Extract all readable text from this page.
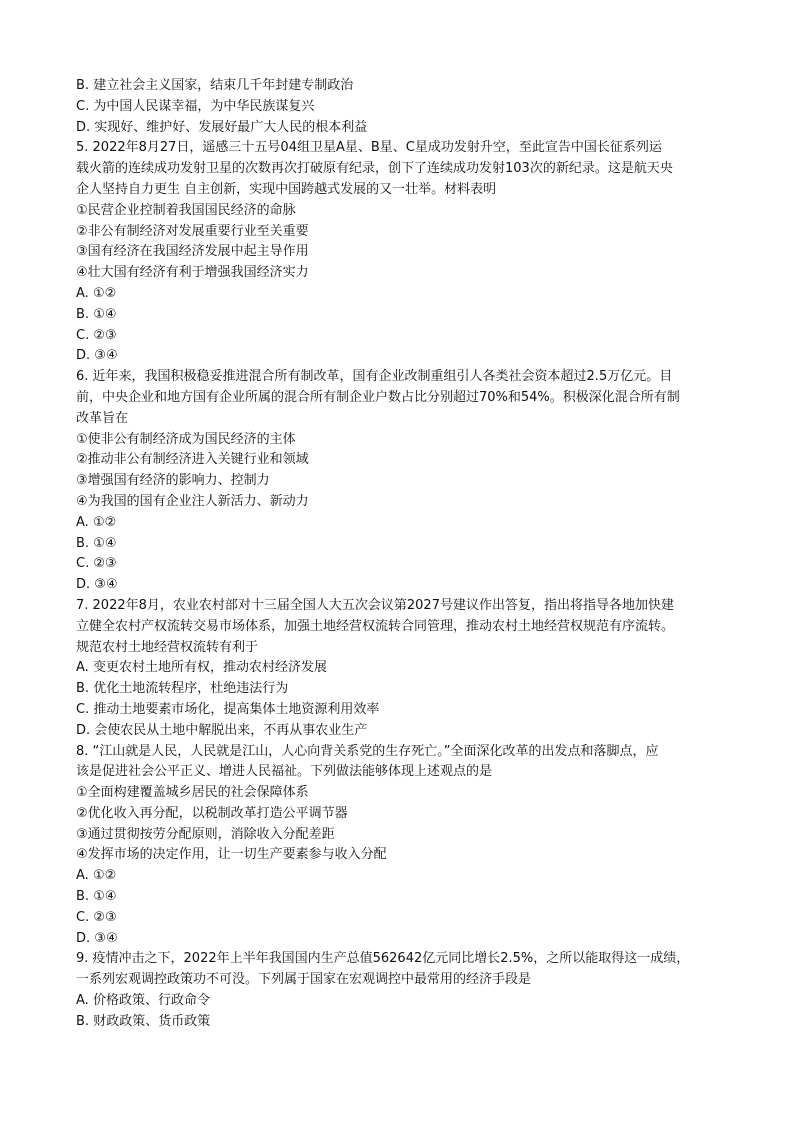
B. 建立社会主义国家，结束几千年封建专制政治
C. 为中国人民谋幸福，为中华民族谋复兴
D. 实现好、维护好、发展好最广大人民的根本利益
5. 2022年8月27日，遥感三十五号04组卫星A星、B星、C星成功发射升空，至此宣告中国长征系列运
载火箭的连续成功发射卫星的次数再次打破原有纪录，创下了连续成功发射103次的新纪录。这是航天央
企人坚持自力更生 自主创新，实现中国跨越式发展的又一壮举。材料表明
①民营企业控制着我国国民经济的命脉
②非公有制经济对发展重要行业至关重要
③国有经济在我国经济发展中起主导作用
④壮大国有经济有利于增强我国经济实力
A. ①②
B. ①④
C. ②③
D. ③④
6. 近年来，我国积极稳妥推进混合所有制改革，国有企业改制重组引人各类社会资本超过2.5万亿元。目
前，中央企业和地方国有企业所属的混合所有制企业户数占比分别超过70%和54%。积极深化混合所有制
改革旨在
①使非公有制经济成为国民经济的主体
②推动非公有制经济进入关键行业和领域
③增强国有经济的影响力、控制力
④为我国的国有企业注人新活力、新动力
A. ①②
B. ①④
C. ②③
D. ③④
7. 2022年8月，农业农村部对十三届全国人大五次会议第2027号建议作出答复，指出将指导各地加快建
立健全农村产权流转交易市场体系，加强土地经营权流转合同管理，推动农村土地经营权规范有序流转。
规范农村土地经营权流转有利于
A. 变更农村土地所有权，推动农村经济发展
B. 优化土地流转程序，杜绝违法行为
C. 推动土地要素市场化，提高集体土地资源利用效率
D. 会使农民从土地中解脱出来，不再从事农业生产
8. “江山就是人民，人民就是江山，人心向背关系党的生存死亡。”全面深化改革的出发点和落脚点，应
该是促进社会公平正义、增进人民福祉。下列做法能够体现上述观点的是
①全面构建覆盖城乡居民的社会保障体系
②优化收入再分配，以税制改革打造公平调节器
③通过贯彻按劳分配原则，消除收入分配差距
④发挥市场的决定作用，让一切生产要素参与收入分配
A. ①②
B. ①④
C. ②③
D. ③④
9. 疫情冲击之下，2022年上半年我国国内生产总值562642亿元同比增长2.5%，之所以能取得这一成绩，
一系列宏观调控政策功不可没。下列属于国家在宏观调控中最常用的经济手段是
A. 价格政策、行政命令
B. 财政政策、货币政策
